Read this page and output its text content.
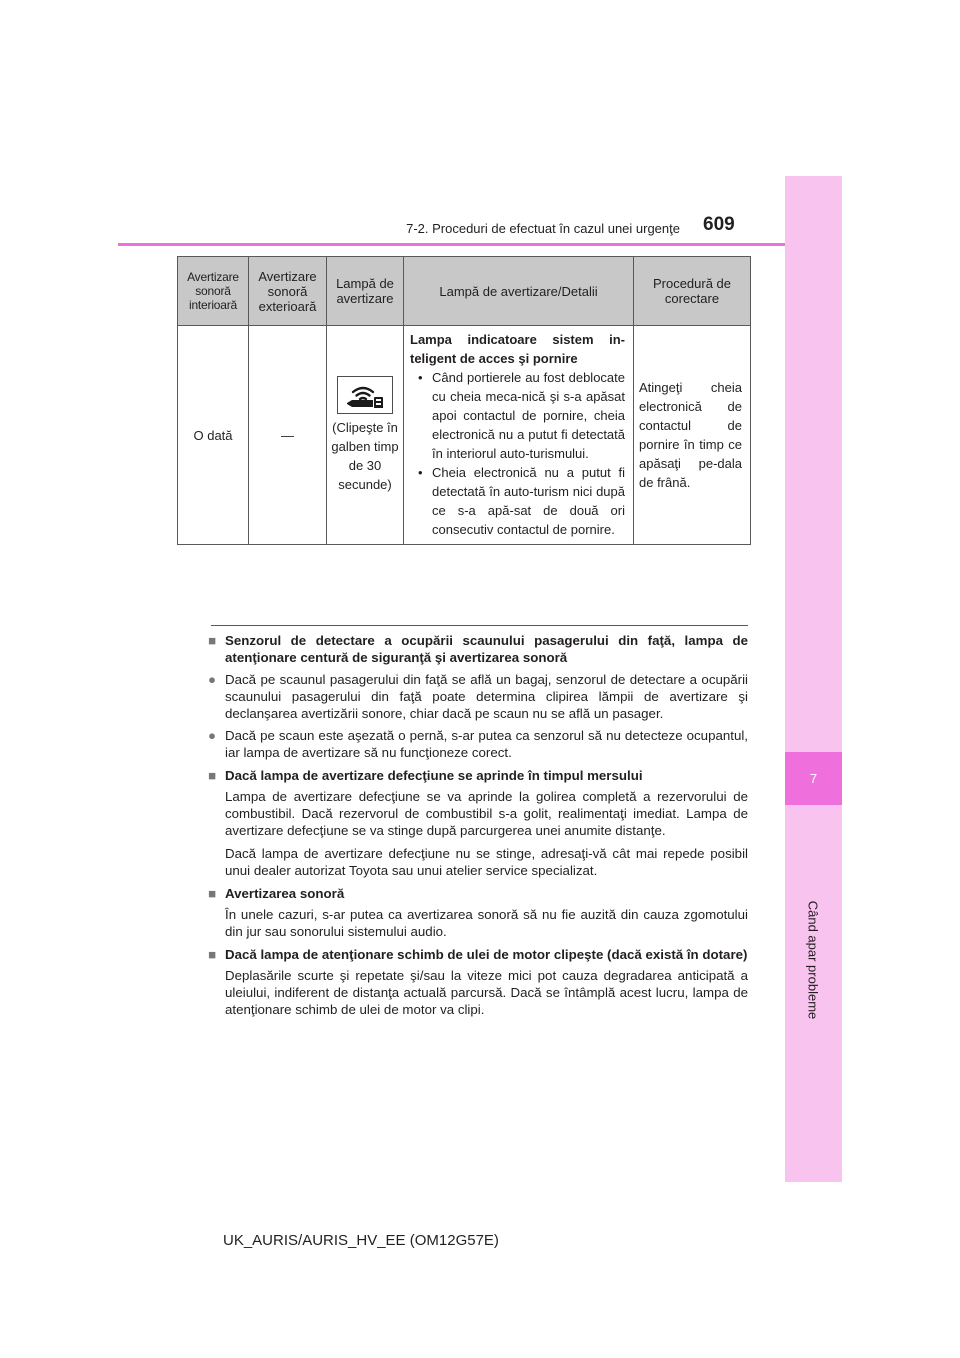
7
Când apar probleme
7-2. Proceduri de efectuat în cazul unei urgenţe 609
Avertizare sonoră interioară	Avertizare sonoră exterioară	Lampă de avertizare	Lampă de avertizare/Detalii	Procedură de corectare
O dată	—	(Clipeşte în galben timp de 30 secunde)	Lampa indicatoare sistem in-teligent de acces şi pornire
• Când portierele au fost deblocate cu cheia meca-nică şi s-a apăsat apoi contactul de pornire, cheia electronică nu a putut fi detectată în interiorul auto-turismului.
• Cheia electronică nu a putut fi detectată în auto-turism nici după ce s-a apă-sat de două ori consecutiv contactul de pornire.	Atingeţi cheia electronică de contactul de pornire în timp ce apăsaţi pe-dala de frână.
■ Senzorul de detectare a ocupării scaunului pasagerului din faţă, lampa de atenţionare centură de siguranţă şi avertizarea sonoră
● Dacă pe scaunul pasagerului din faţă se află un bagaj, senzorul de detectare a ocupării scaunului pasagerului din faţă poate determina clipirea lămpii de avertizare şi declanşarea avertizării sonore, chiar dacă pe scaun nu se află un pasager.
● Dacă pe scaun este aşezată o pernă, s-ar putea ca senzorul să nu detecteze ocupantul, iar lampa de avertizare să nu funcţioneze corect.
■ Dacă lampa de avertizare defecţiune se aprinde în timpul mersului
Lampa de avertizare defecţiune se va aprinde la golirea completă a rezervorului de combustibil. Dacă rezervorul de combustibil s-a golit, realimentaţi imediat. Lampa de avertizare defecţiune se va stinge după parcurgerea unei anumite distanţe.
Dacă lampa de avertizare defecţiune nu se stinge, adresaţi-vă cât mai repede posibil unui dealer autorizat Toyota sau unui atelier service specializat.
■ Avertizarea sonoră
În unele cazuri, s-ar putea ca avertizarea sonoră să nu fie auzită din cauza zgomotului din jur sau sonorului sistemului audio.
■ Dacă lampa de atenţionare schimb de ulei de motor clipeşte (dacă există în dotare)
Deplasările scurte şi repetate şi/sau la viteze mici pot cauza degradarea anticipată a uleiului, indiferent de distanţa actuală parcursă. Dacă se întâmplă acest lucru, lampa de atenţionare schimb de ulei de motor va clipi.
UK_AURIS/AURIS_HV_EE (OM12G57E)
